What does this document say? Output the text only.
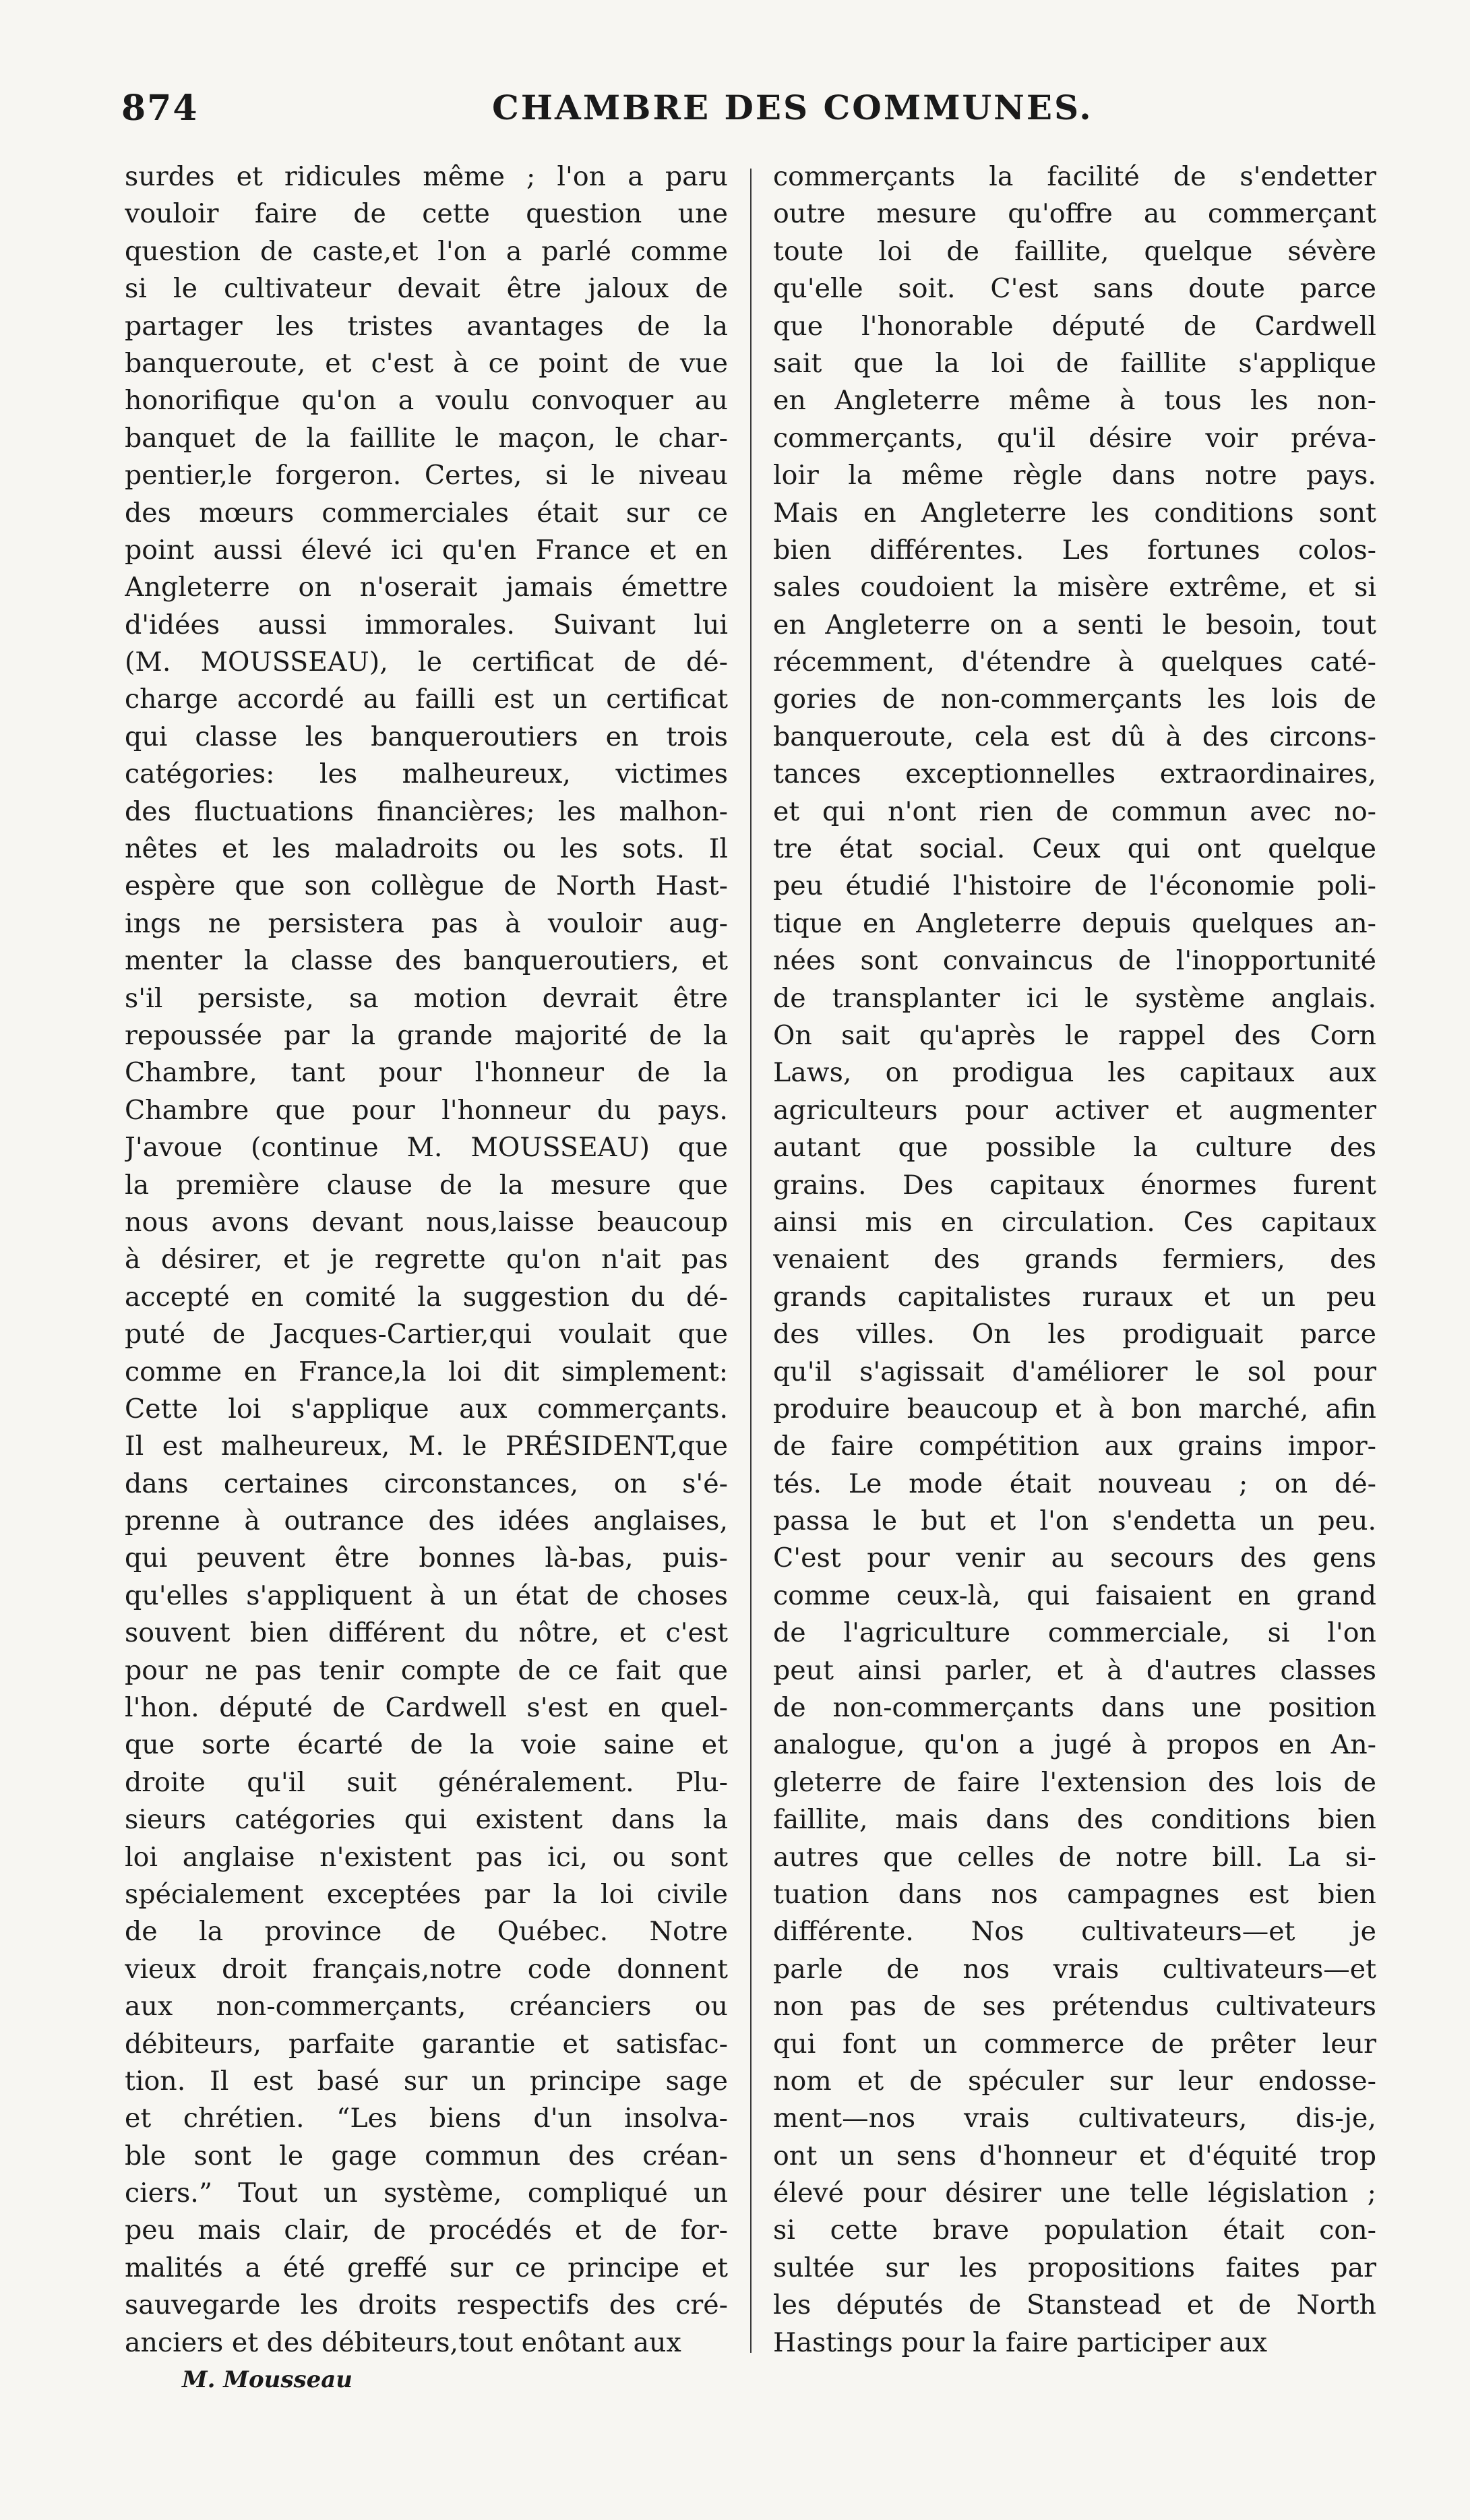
874	CHAMBRE DES COMMUNES.
surdes et ridicules même ; l'on a paru
vouloir faire de cette question une
question de caste,et l'on a parlé comme
si le cultivateur devait être jaloux de
partager les tristes avantages de la
banqueroute, et c'est à ce point de vue
honorifique qu'on a voulu convoquer au
banquet de la faillite le maçon, le char-
pentier,le forgeron. Certes, si le niveau
des mœurs commerciales était sur ce
point aussi élevé ici qu'en France et en
Angleterre on n'oserait jamais émettre
d'idées aussi immorales. Suivant lui
(M. MOUSSEAU), le certificat de dé-
charge accordé au failli est un certificat
qui classe les banqueroutiers en trois
catégories: les malheureux, victimes
des fluctuations financières; les malhon-
nêtes et les maladroits ou les sots. Il
espère que son collègue de North Hast-
ings ne persistera pas à vouloir aug-
menter la classe des banqueroutiers, et
s'il persiste, sa motion devrait être
repoussée par la grande majorité de la
Chambre, tant pour l'honneur de la
Chambre que pour l'honneur du pays.
J'avoue (continue M. MOUSSEAU) que
la première clause de la mesure que
nous avons devant nous,laisse beaucoup
à désirer, et je regrette qu'on n'ait pas
accepté en comité la suggestion du dé-
puté de Jacques-Cartier,qui voulait que
comme en France,la loi dit simplement:
Cette loi s'applique aux commerçants.
Il est malheureux, M. le PRÉSIDENT,que
dans certaines circonstances, on s'é-
prenne à outrance des idées anglaises,
qui peuvent être bonnes là-bas, puis-
qu'elles s'appliquent à un état de choses
souvent bien différent du nôtre, et c'est
pour ne pas tenir compte de ce fait que
l'hon. député de Cardwell s'est en quel-
que sorte écarté de la voie saine et
droite qu'il suit généralement. Plu-
sieurs catégories qui existent dans la
loi anglaise n'existent pas ici, ou sont
spécialement exceptées par la loi civile
de la province de Québec. Notre
vieux droit français,notre code donnent
aux non-commerçants, créanciers ou
débiteurs, parfaite garantie et satisfac-
tion. Il est basé sur un principe sage
et chrétien. “Les biens d'un insolva-
ble sont le gage commun des créan-
ciers.” Tout un système, compliqué un
peu mais clair, de procédés et de for-
malités a été greffé sur ce principe et
sauvegarde les droits respectifs des cré-
anciers et des débiteurs,tout enôtant aux
commerçants la facilité de s'endetter
outre mesure qu'offre au commerçant
toute loi de faillite, quelque sévère
qu'elle soit. C'est sans doute parce
que l'honorable député de Cardwell
sait que la loi de faillite s'applique
en Angleterre même à tous les non-
commerçants, qu'il désire voir préva-
loir la même règle dans notre pays.
Mais en Angleterre les conditions sont
bien différentes. Les fortunes colos-
sales coudoient la misère extrême, et si
en Angleterre on a senti le besoin, tout
récemment, d'étendre à quelques caté-
gories de non-commerçants les lois de
banqueroute, cela est dû à des circons-
tances exceptionnelles extraordinaires,
et qui n'ont rien de commun avec no-
tre état social. Ceux qui ont quelque
peu étudié l'histoire de l'économie poli-
tique en Angleterre depuis quelques an-
nées sont convaincus de l'inopportunité
de transplanter ici le système anglais.
On sait qu'après le rappel des Corn
Laws, on prodigua les capitaux aux
agriculteurs pour activer et augmenter
autant que possible la culture des
grains. Des capitaux énormes furent
ainsi mis en circulation. Ces capitaux
venaient des grands fermiers, des
grands capitalistes ruraux et un peu
des villes. On les prodiguait parce
qu'il s'agissait d'améliorer le sol pour
produire beaucoup et à bon marché, afin
de faire compétition aux grains impor-
tés. Le mode était nouveau ; on dé-
passa le but et l'on s'endetta un peu.
C'est pour venir au secours des gens
comme ceux-là, qui faisaient en grand
de l'agriculture commerciale, si l'on
peut ainsi parler, et à d'autres classes
de non-commerçants dans une position
analogue, qu'on a jugé à propos en An-
gleterre de faire l'extension des lois de
faillite, mais dans des conditions bien
autres que celles de notre bill. La si-
tuation dans nos campagnes est bien
différente. Nos cultivateurs—et je
parle de nos vrais cultivateurs—et
non pas de ses prétendus cultivateurs
qui font un commerce de prêter leur
nom et de spéculer sur leur endosse-
ment—nos vrais cultivateurs, dis-je,
ont un sens d'honneur et d'équité trop
élevé pour désirer une telle législation ;
si cette brave population était con-
sultée sur les propositions faites par
les députés de Stanstead et de North
Hastings pour la faire participer aux
M. Mousseau
